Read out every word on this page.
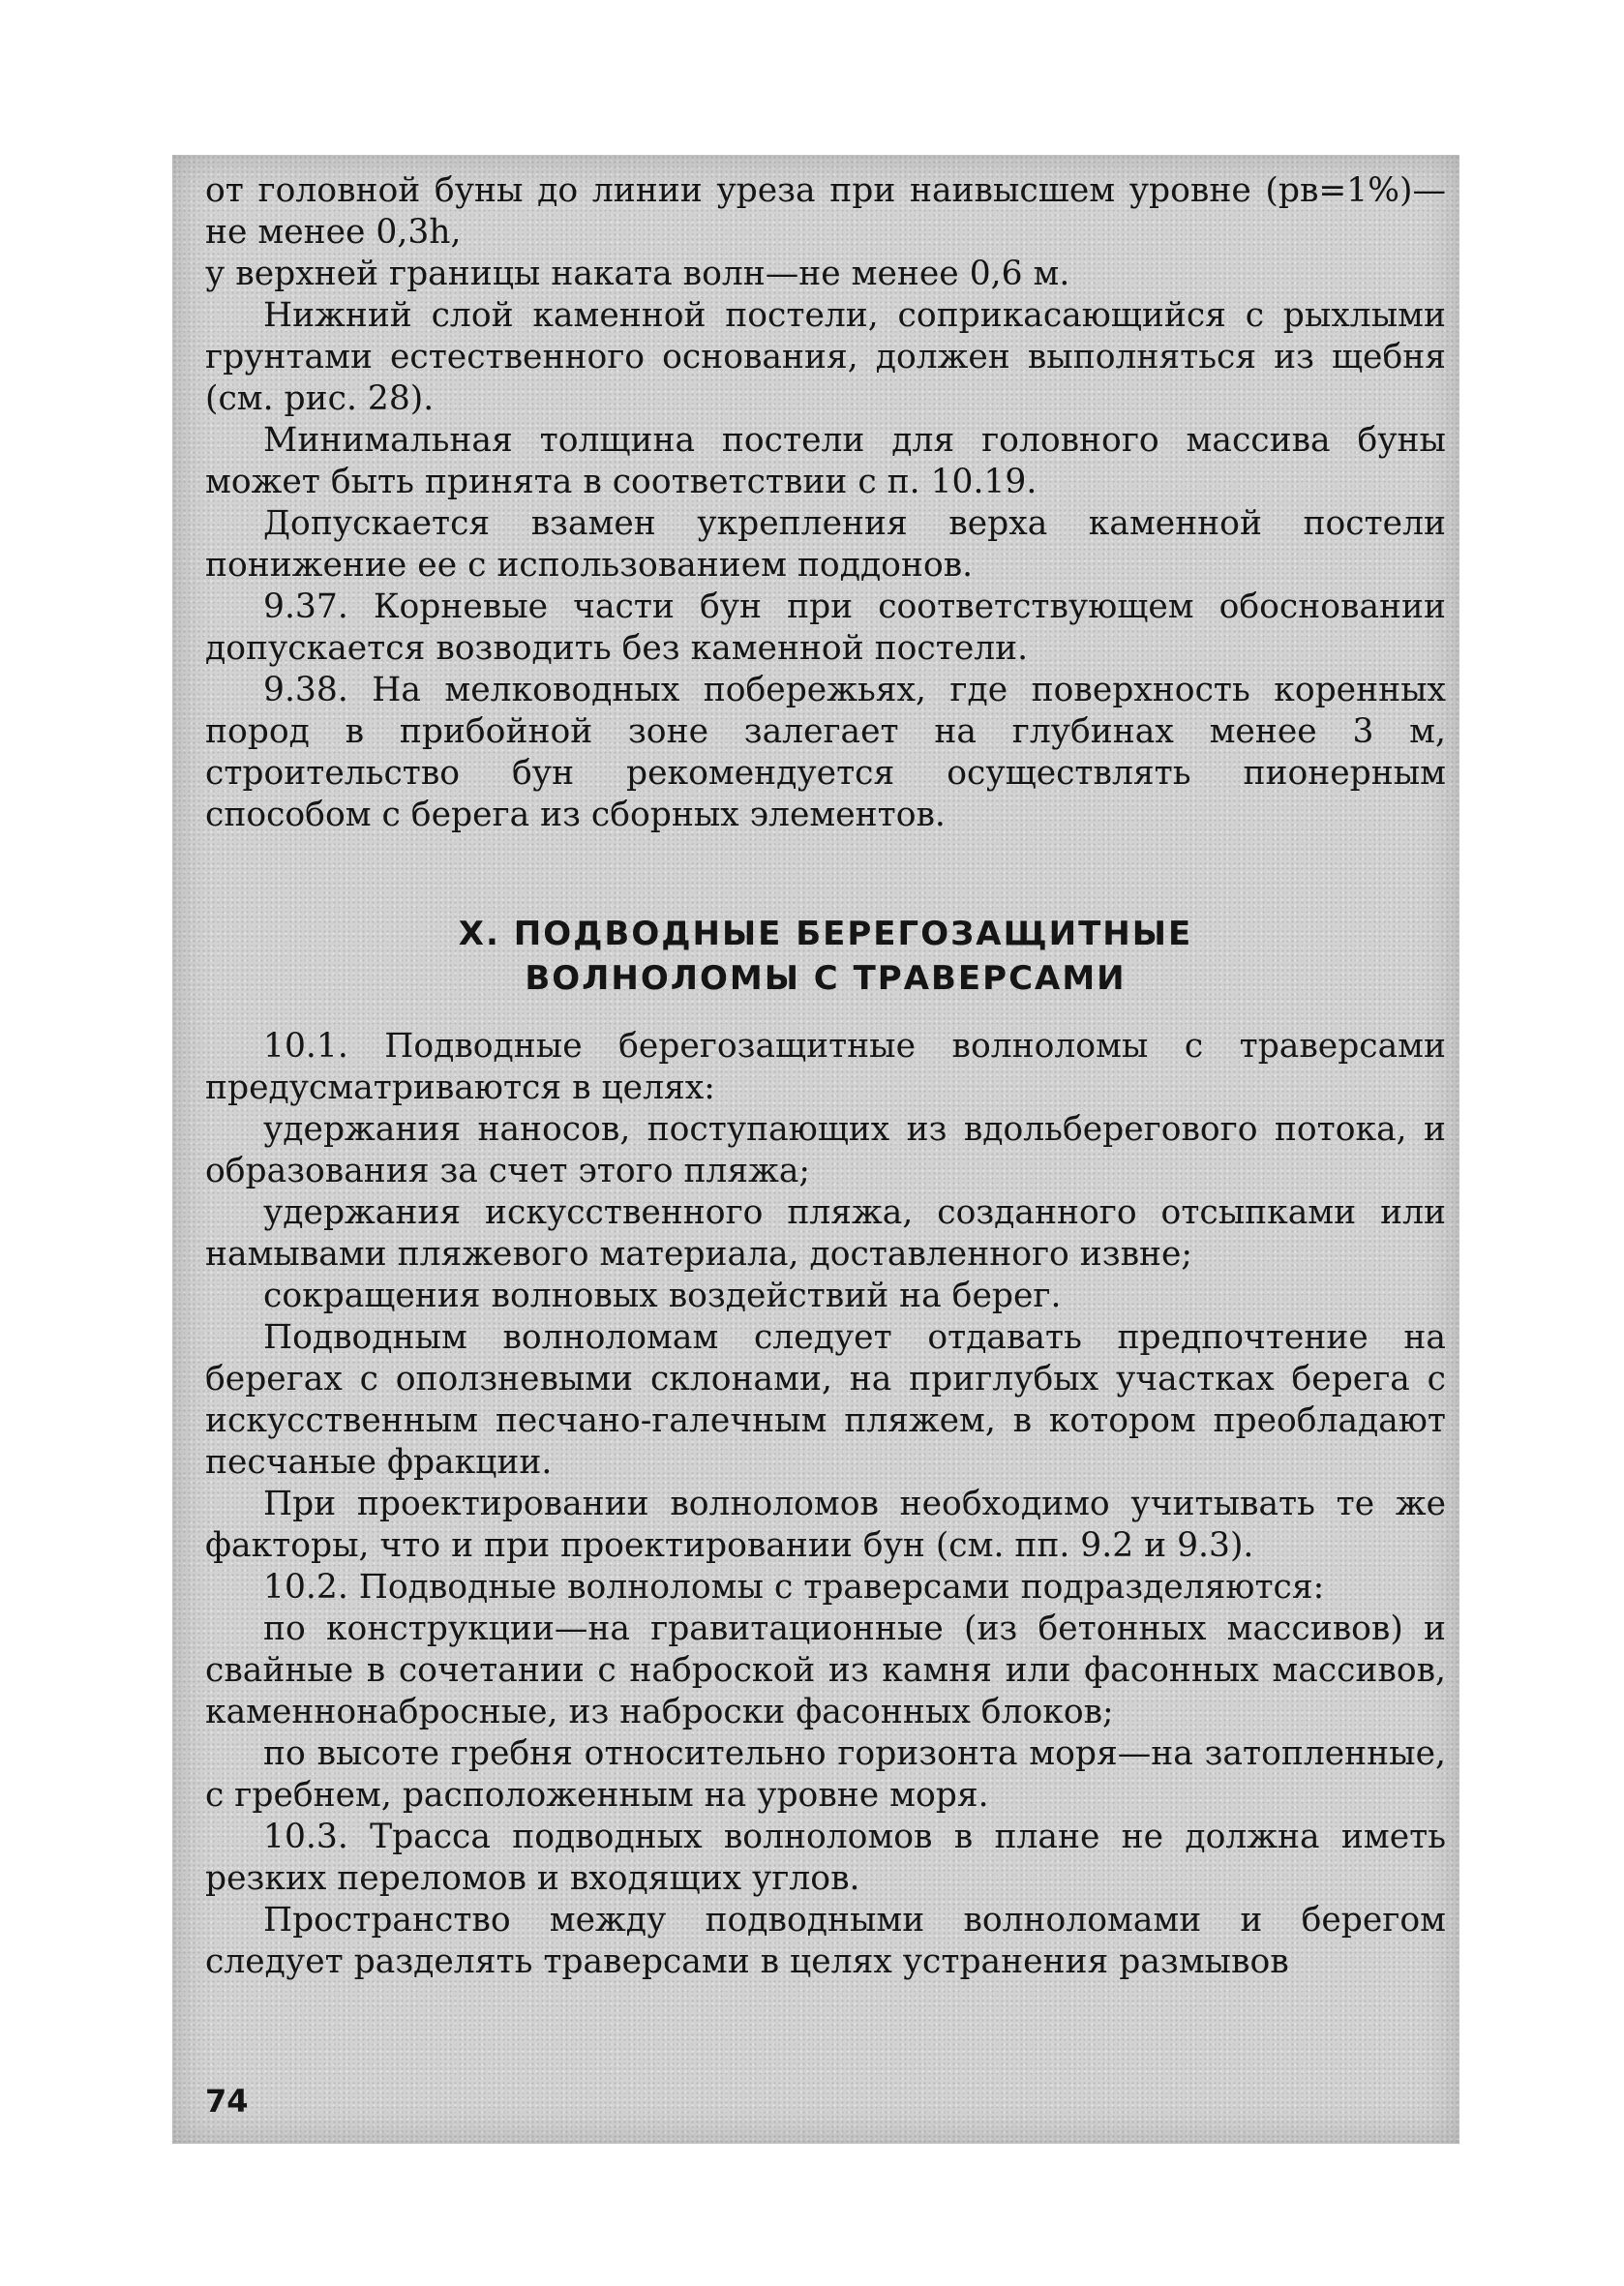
от головной буны до линии уреза при наивысшем уровне (pв=1%)—не менее 0,3h,

у верхней границы наката волн—не менее 0,6 м.

Нижний слой каменной постели, соприкасающийся с рыхлыми грунтами естественного основания, должен выполняться из щебня (см. рис. 28).

Минимальная толщина постели для головного массива буны может быть принята в соответствии с п. 10.19.

Допускается взамен укрепления верха каменной постели понижение ее с использованием поддонов.

9.37. Корневые части бун при соответствующем обосновании допускается возводить без каменной постели.

9.38. На мелководных побережьях, где поверхность коренных пород в прибойной зоне залегает на глубинах менее 3 м, строительство бун рекомендуется осуществлять пионерным способом с берега из сборных элементов.

X. ПОДВОДНЫЕ БЕРЕГОЗАЩИТНЫЕ
ВОЛНОЛОМЫ С ТРАВЕРСАМИ

10.1. Подводные берегозащитные волноломы с траверсами предусматриваются в целях:

удержания наносов, поступающих из вдольберегового потока, и образования за счет этого пляжа;

удержания искусственного пляжа, созданного отсыпками или намывами пляжевого материала, доставленного извне;

сокращения волновых воздействий на берег.

Подводным волноломам следует отдавать предпочтение на берегах с оползневыми склонами, на приглубых участках берега с искусственным песчано-галечным пляжем, в котором преобладают песчаные фракции.

При проектировании волноломов необходимо учитывать те же факторы, что и при проектировании бун (см. пп. 9.2 и 9.3).

10.2. Подводные волноломы с траверсами подразделяются:

по конструкции—на гравитационные (из бетонных массивов) и свайные в сочетании с наброской из камня или фасонных массивов, каменнонабросные, из наброски фасонных блоков;

по высоте гребня относительно горизонта моря—на затопленные, с гребнем, расположенным на уровне моря.

10.3. Трасса подводных волноломов в плане не должна иметь резких переломов и входящих углов.

Пространство между подводными волноломами и берегом следует разделять траверсами в целях устранения размывов

74
